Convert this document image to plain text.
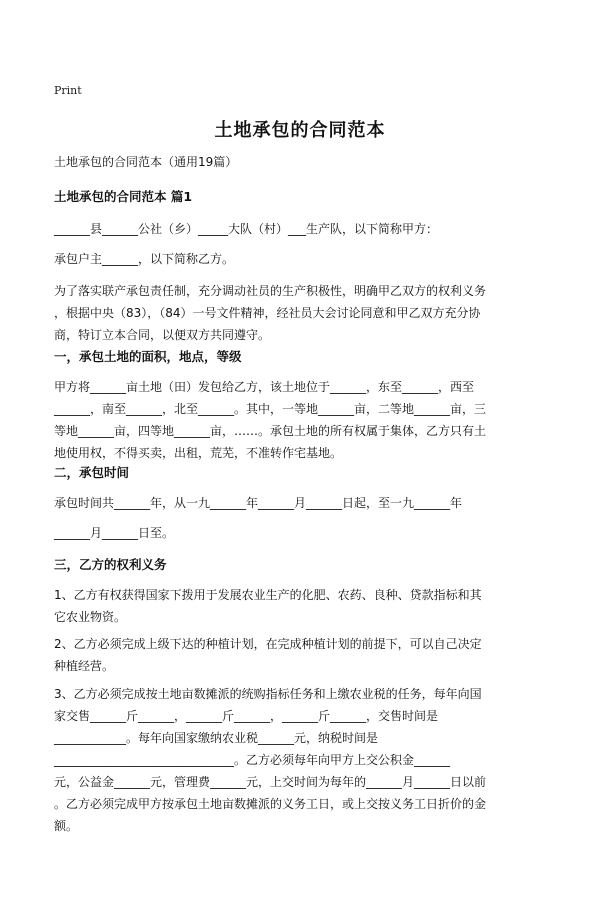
Print
土地承包的合同范本
土地承包的合同范本（通用19篇）
土地承包的合同范本 篇1
______县______公社（乡）_____大队（村）___生产队，以下简称甲方：
承包户主______，以下简称乙方。
为了落实联产承包责任制，充分调动社员的生产积极性，明确甲乙双方的权利义务
，根据中央（83），（84）一号文件精神，经社员大会讨论同意和甲乙双方充分协
商，特订立本合同，以便双方共同遵守。
一，承包土地的面积，地点，等级
甲方将______亩土地（田）发包给乙方，该土地位于______，东至______，西至
______，南至______，北至______。其中，一等地______亩，二等地______亩，三
等地______亩，四等地______亩，……。承包土地的所有权属于集体，乙方只有土
地使用权，不得买卖，出租，荒芜，不准转作宅基地。
二，承包时间
承包时间共______年，从一九______年______月______日起，至一九______年
______月______日至。
三，乙方的权利义务
1、乙方有权获得国家下拨用于发展农业生产的化肥、农药、良种、贷款指标和其
它农业物资。
2、乙方必须完成上级下达的种植计划，在完成种植计划的前提下，可以自己决定
种植经营。
3、乙方必须完成按土地亩数摊派的统购指标任务和上缴农业税的任务，每年向国
家交售______斤______，______斤______，______斤______，交售时间是
____________。每年向国家缴纳农业税______元，纳税时间是
______________________________。乙方必须每年向甲方上交公积金______
元，公益金______元，管理费______元，上交时间为每年的______月______日以前
。乙方必须完成甲方按承包土地亩数摊派的义务工日，或上交按义务工日折价的金
额。
